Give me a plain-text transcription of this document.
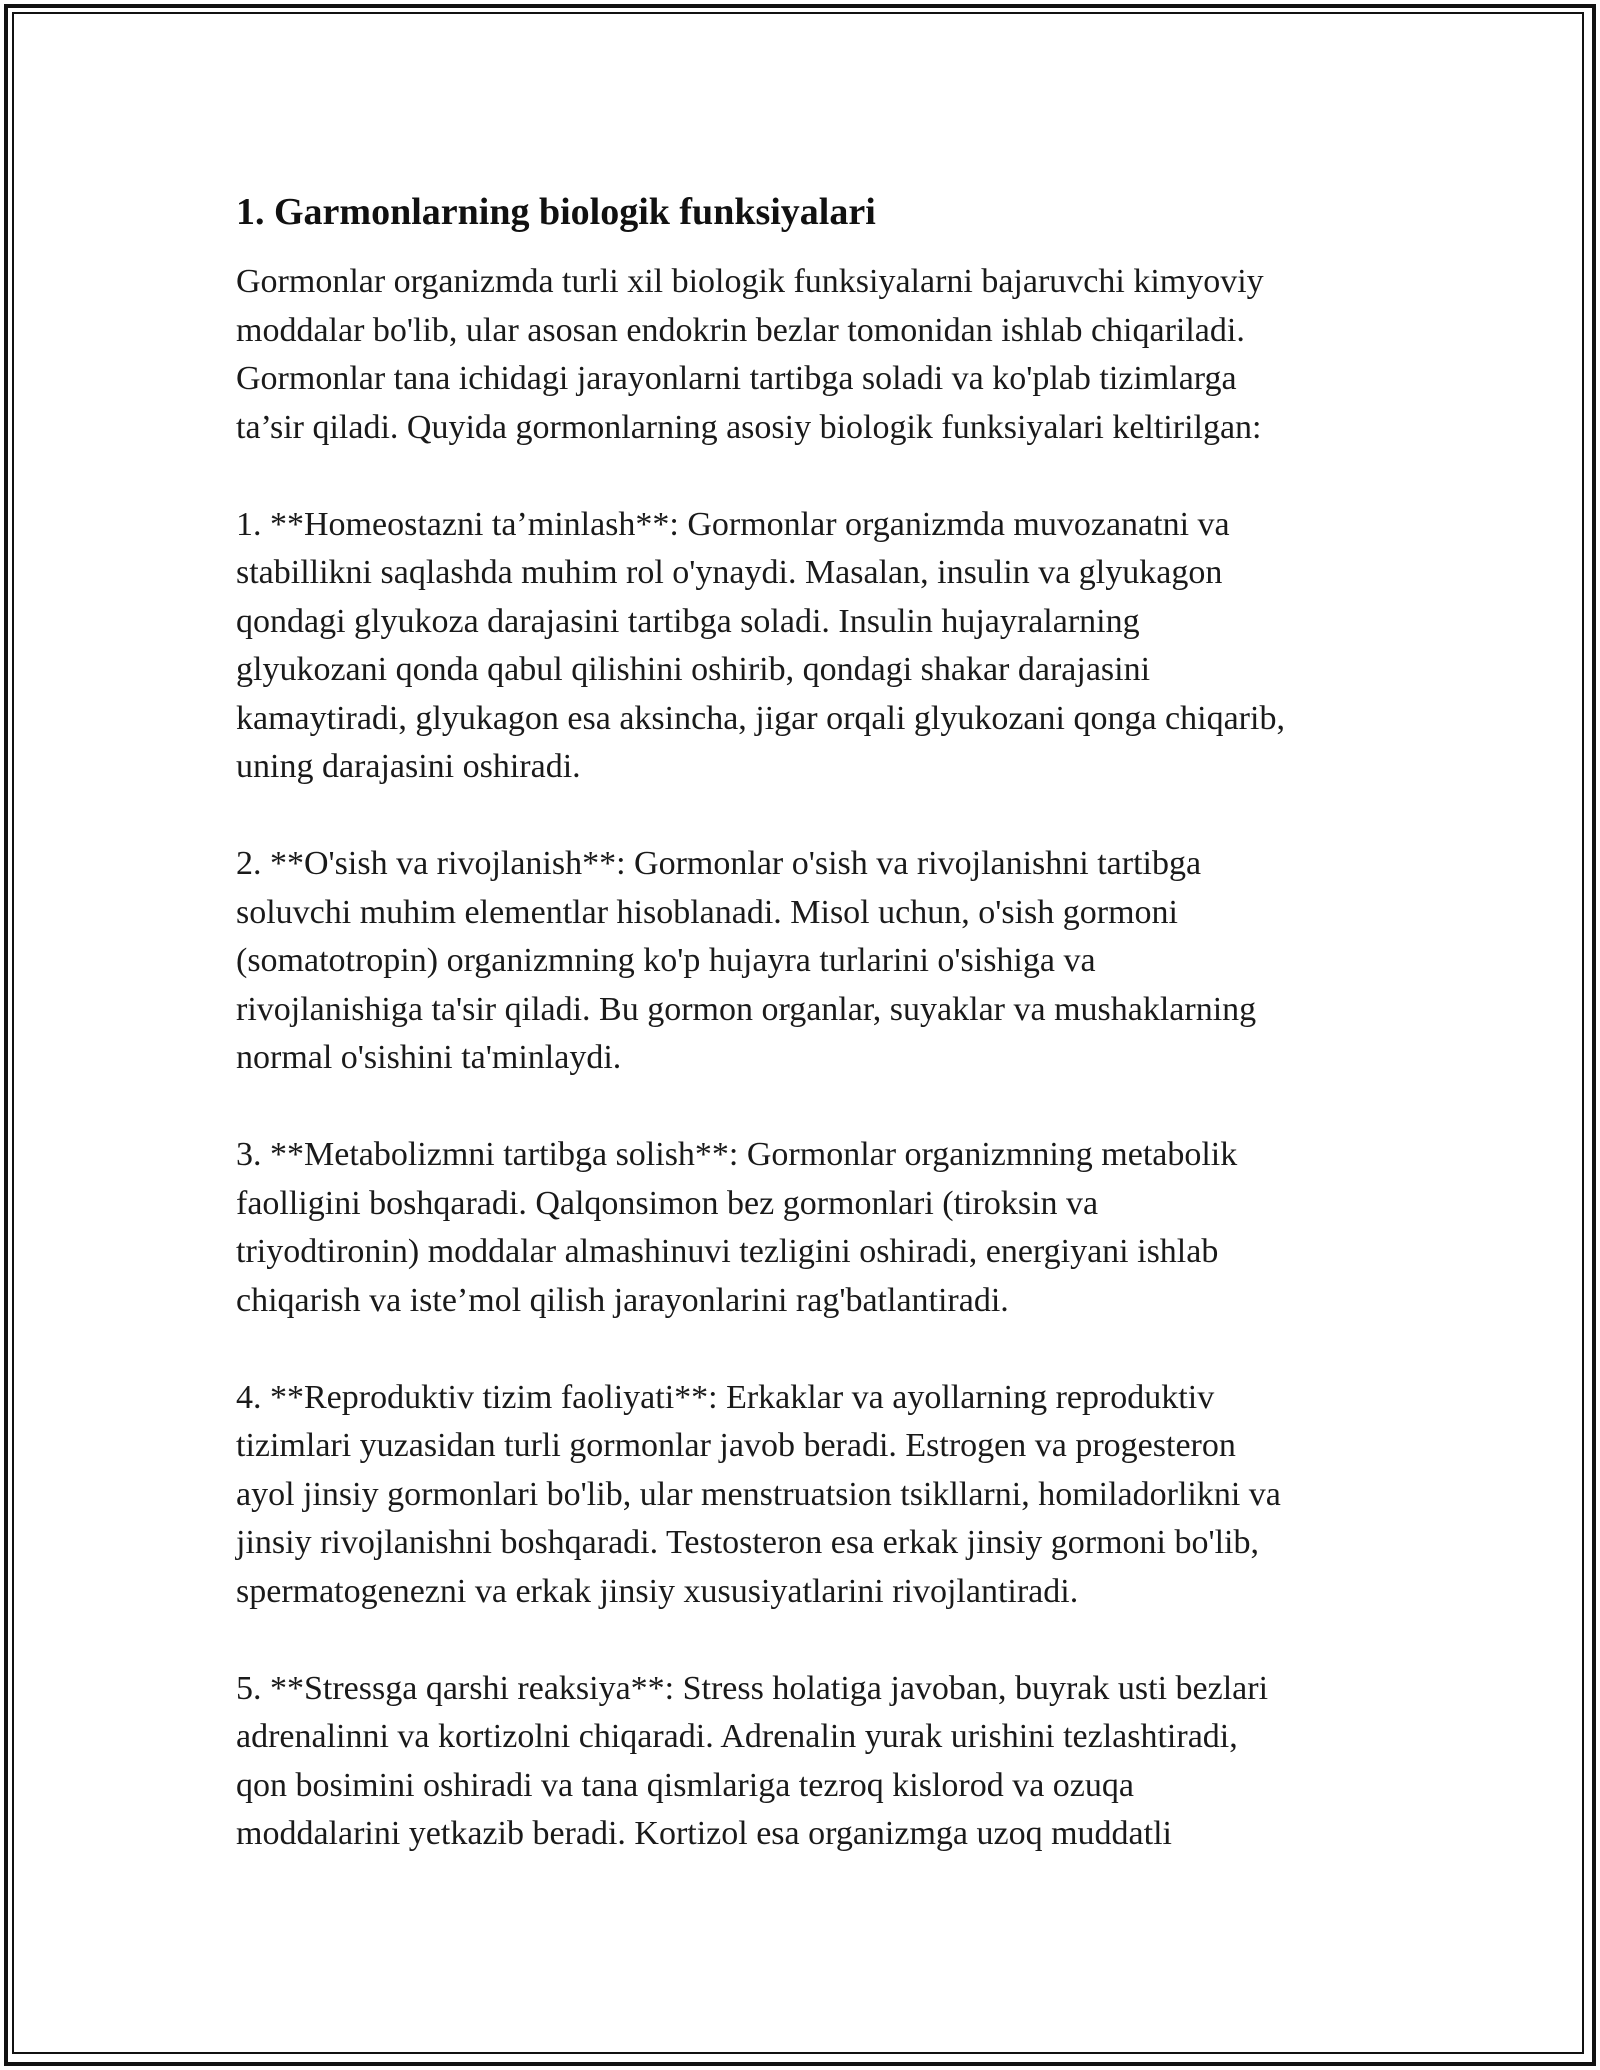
1. Garmonlarning biologik funksiyalari

Gormonlar organizmda turli xil biologik funksiyalarni bajaruvchi kimyoviy
moddalar bo'lib, ular asosan endokrin bezlar tomonidan ishlab chiqariladi.
Gormonlar tana ichidagi jarayonlarni tartibga soladi va ko'plab tizimlarga
ta’sir qiladi. Quyida gormonlarning asosiy biologik funksiyalari keltirilgan:

1. **Homeostazni ta’minlash**: Gormonlar organizmda muvozanatni va
stabillikni saqlashda muhim rol o'ynaydi. Masalan, insulin va glyukagon
qondagi glyukoza darajasini tartibga soladi. Insulin hujayralarning
glyukozani qonda qabul qilishini oshirib, qondagi shakar darajasini
kamaytiradi, glyukagon esa aksincha, jigar orqali glyukozani qonga chiqarib,
uning darajasini oshiradi.

2. **O'sish va rivojlanish**: Gormonlar o'sish va rivojlanishni tartibga
soluvchi muhim elementlar hisoblanadi. Misol uchun, o'sish gormoni
(somatotropin) organizmning ko'p hujayra turlarini o'sishiga va
rivojlanishiga ta'sir qiladi. Bu gormon organlar, suyaklar va mushaklarning
normal o'sishini ta'minlaydi.

3. **Metabolizmni tartibga solish**: Gormonlar organizmning metabolik
faolligini boshqaradi. Qalqonsimon bez gormonlari (tiroksin va
triyodtironin) moddalar almashinuvi tezligini oshiradi, energiyani ishlab
chiqarish va iste’mol qilish jarayonlarini rag'batlantiradi.

4. **Reproduktiv tizim faoliyati**: Erkaklar va ayollarning reproduktiv
tizimlari yuzasidan turli gormonlar javob beradi. Estrogen va progesteron
ayol jinsiy gormonlari bo'lib, ular menstruatsion tsikllarni, homiladorlikni va
jinsiy rivojlanishni boshqaradi. Testosteron esa erkak jinsiy gormoni bo'lib,
spermatogenezni va erkak jinsiy xususiyatlarini rivojlantiradi.

5. **Stressga qarshi reaksiya**: Stress holatiga javoban, buyrak usti bezlari
adrenalinni va kortizolni chiqaradi. Adrenalin yurak urishini tezlashtiradi,
qon bosimini oshiradi va tana qismlariga tezroq kislorod va ozuqa
moddalarini yetkazib beradi. Kortizol esa organizmga uzoq muddatli
